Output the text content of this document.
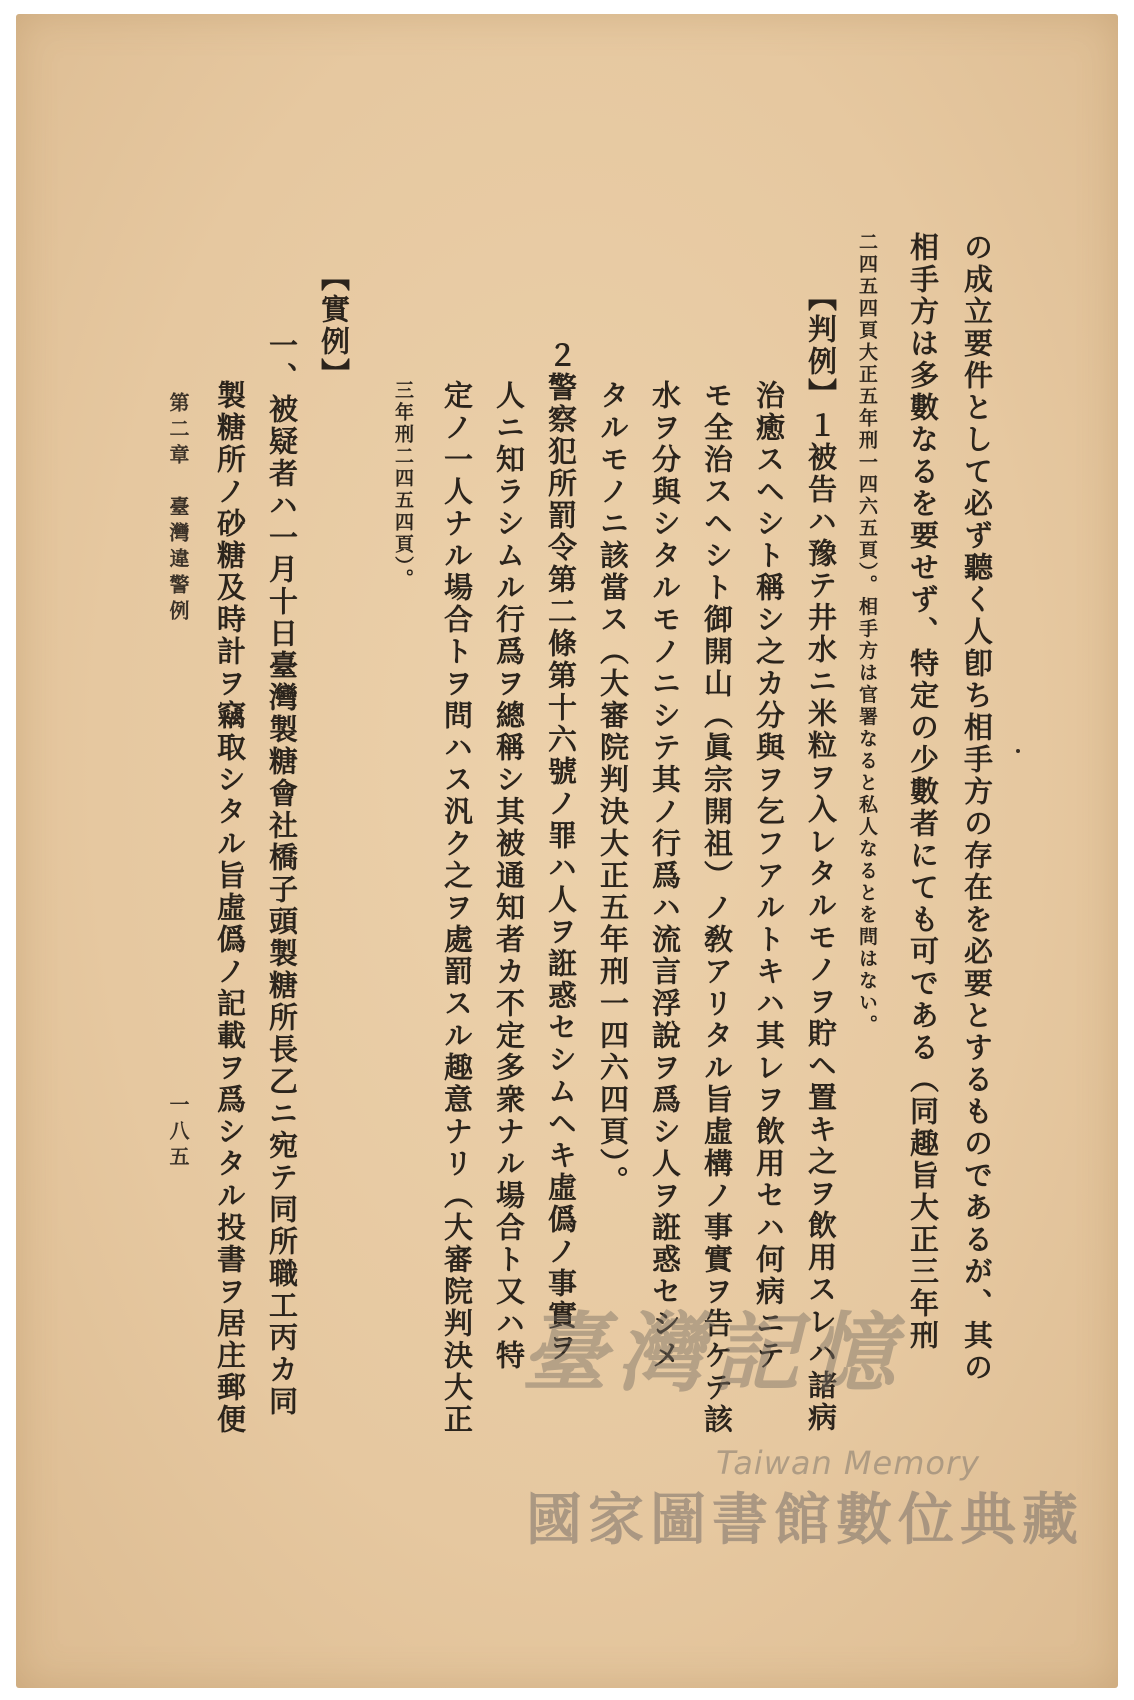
の成立要件として必ず聽く人卽ち相手方の存在を必要とするものであるが、其の
相手方は多數なるを要せず、特定の少數者にても可である（同趣旨大正三年刑
二四五四頁大正五年刑一四六五頁）。相手方は官署なると私人なるとを問はない。
【判例】１被告ハ豫テ井水ニ米粒ヲ入レタルモノヲ貯ヘ置キ之ヲ飲用スレハ諸病
治癒スヘシト稱シ之カ分與ヲ乞フアルトキハ其レヲ飲用セハ何病ニテ
モ全治スヘシト御開山（眞宗開祖）ノ敎アリタル旨虛構ノ事實ヲ告ケテ該
水ヲ分與シタルモノニシテ其ノ行爲ハ流言浮說ヲ爲シ人ヲ誑惑セシメ
タルモノニ該當ス（大審院判決大正五年刑一四六四頁）。
２警察犯所罰令第二條第十六號ノ罪ハ人ヲ誑惑セシムヘキ虛僞ノ事實ヲ
人ニ知ラシムル行爲ヲ總稱シ其被通知者カ不定多衆ナル場合ト又ハ特
定ノ一人ナル場合トヲ問ハス汎ク之ヲ處罰スル趣意ナリ（大審院判決大正
三年刑二四五四頁）。
【實例】
一、被疑者ハ一月十日臺灣製糖會社橋子頭製糖所長乙ニ宛テ同所職工丙カ同
製糖所ノ砂糖及時計ヲ竊取シタル旨虛僞ノ記載ヲ爲シタル投書ヲ居庄郵便
第二章　臺灣違警例
一八五
臺灣記憶
Taiwan Memory
國家圖書館數位典藏
